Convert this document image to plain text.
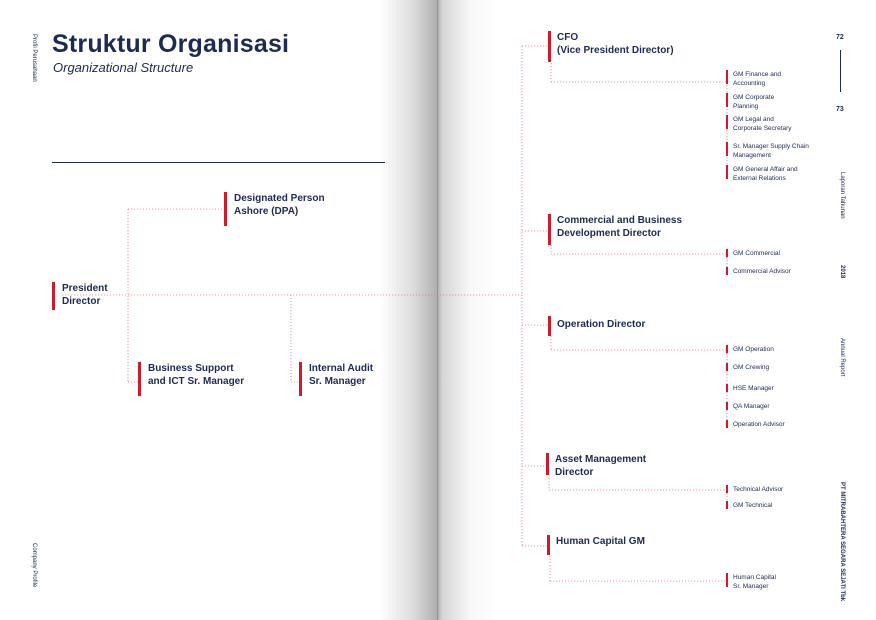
Struktur Organisasi
Organizational Structure
Profil Perusahaan
Company Profile
72
73
Laporan Tahunan
2018
Annual Report
PT MITRABAHTERA SEGARA SEJATI Tbk
President
Director
Designated Person
Ashore (DPA)
Business Support
and ICT Sr. Manager
Internal Audit
Sr. Manager
CFO
(Vice President Director)
Commercial and Business
Development Director
Operation Director
Asset Management
Director
Human Capital GM
GM Finance and
Accounting
GM Corporate
Planning
GM Legal and
Corporate Secretary
Sr. Manager Supply Chain
Management
GM General Affair and
External Relations
GM Commercial
Commercial Advisor
GM Operation
GM Crewing
HSE Manager
QA Manager
Operation Advisor
Technical Advisor
GM Technical
Human Capital
Sr. Manager
